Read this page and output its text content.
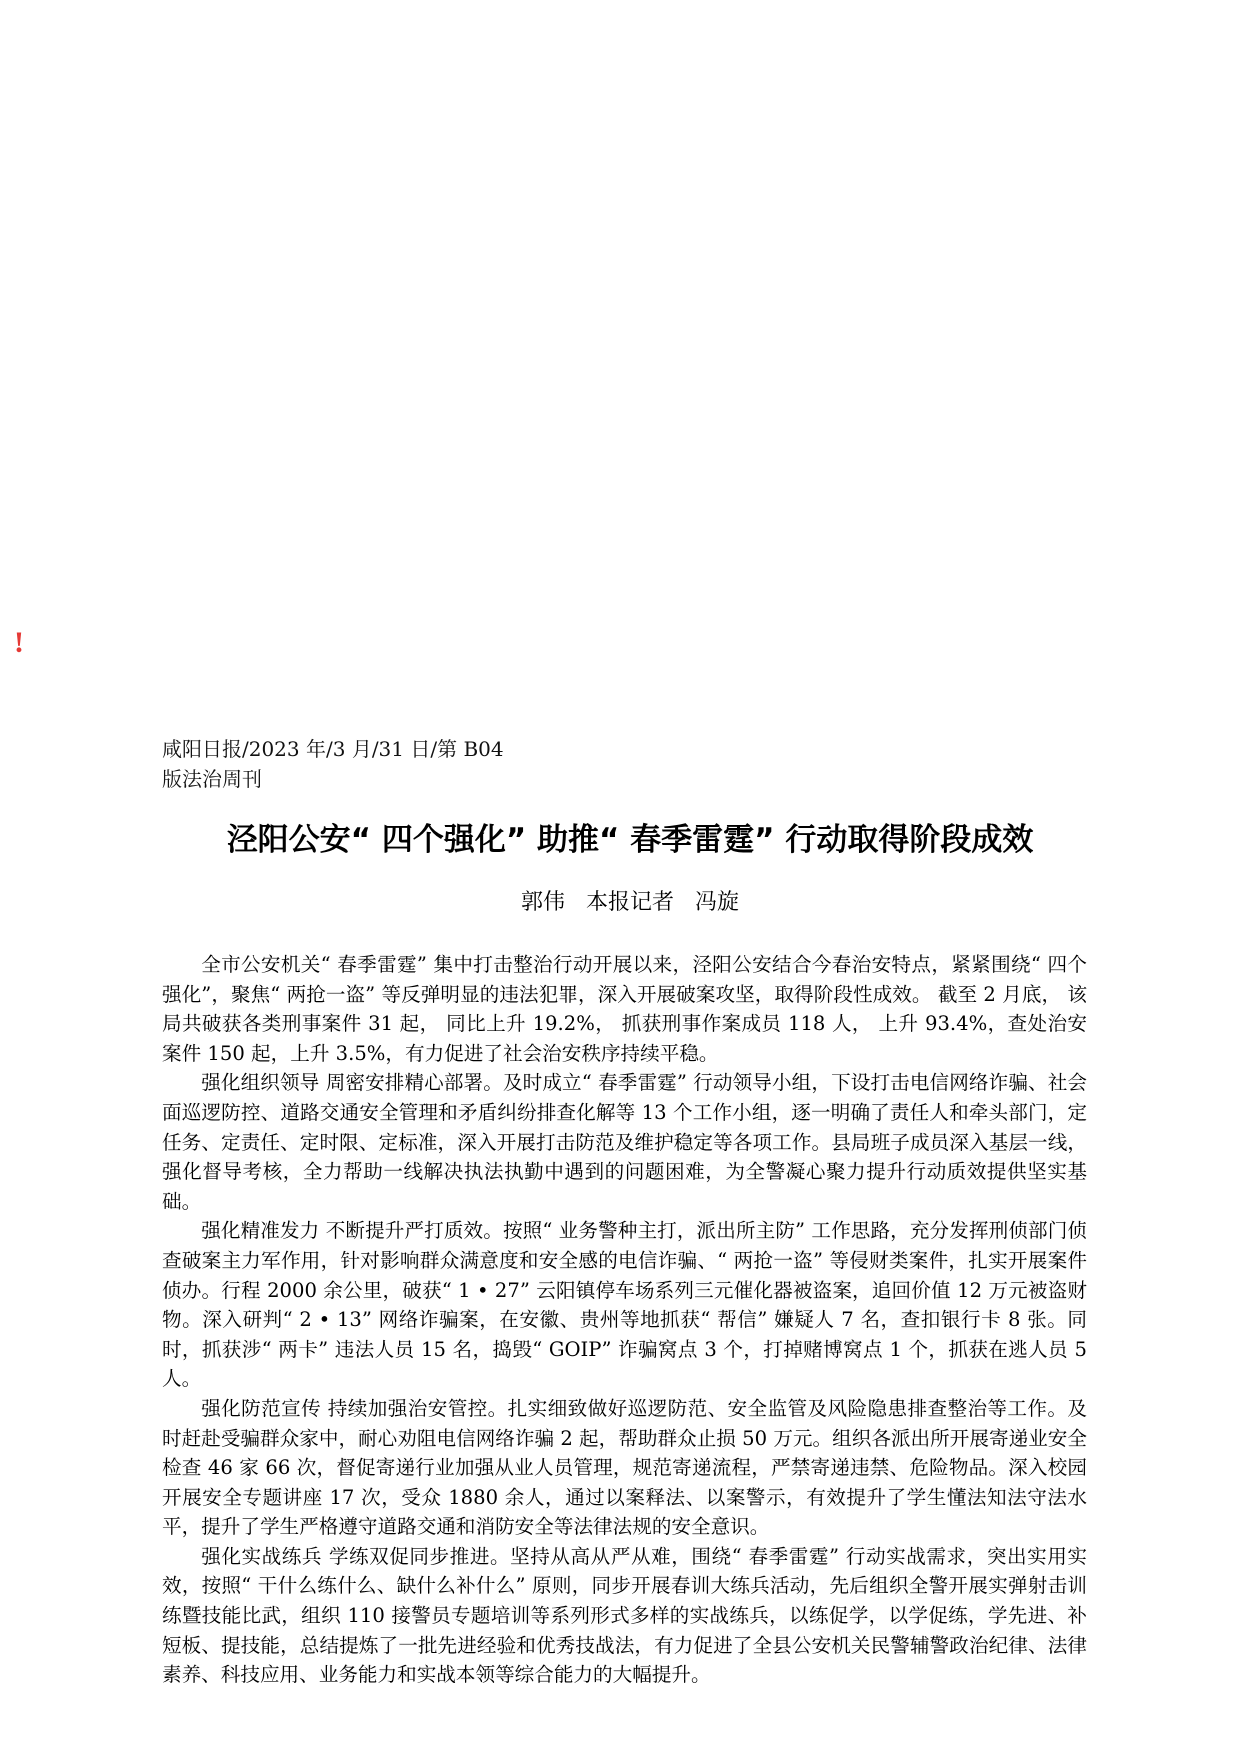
!
咸阳日报/2023 年/3 月/31 日/第 B04
版法治周刊
泾阳公安“ 四个强化” 助推“ 春季雷霆” 行动取得阶段成效
郭伟   本报记者   冯旋

全市公安机关“ 春季雷霆” 集中打击整治行动开展以来，泾阳公安结合今春治安特点，紧紧围绕“ 四个强化”，聚焦“ 两抢一盗” 等反弹明显的违法犯罪，深入开展破案攻坚，取得阶段性成效。 截至 2 月底， 该局共破获各类刑事案件 31 起， 同比上升 19.2%， 抓获刑事作案成员 118 人， 上升 93.4%，查处治安案件 150 起，上升 3.5%，有力促进了社会治安秩序持续平稳。

强化组织领导 周密安排精心部署。及时成立“ 春季雷霆” 行动领导小组，下设打击电信网络诈骗、社会面巡逻防控、道路交通安全管理和矛盾纠纷排查化解等 13 个工作小组，逐一明确了责任人和牵头部门，定任务、定责任、定时限、定标准，深入开展打击防范及维护稳定等各项工作。县局班子成员深入基层一线，强化督导考核，全力帮助一线解决执法执勤中遇到的问题困难，为全警凝心聚力提升行动质效提供坚实基础。

强化精准发力 不断提升严打质效。按照“ 业务警种主打，派出所主防” 工作思路，充分发挥刑侦部门侦查破案主力军作用，针对影响群众满意度和安全感的电信诈骗、“ 两抢一盗” 等侵财类案件，扎实开展案件侦办。行程 2000 余公里，破获“ 1 • 27” 云阳镇停车场系列三元催化器被盗案，追回价值 12 万元被盗财物。深入研判“ 2 • 13” 网络诈骗案，在安徽、贵州等地抓获“ 帮信” 嫌疑人 7 名，查扣银行卡 8 张。同时，抓获涉“ 两卡” 违法人员 15 名，捣毁“ GOIP” 诈骗窝点 3 个，打掉赌博窝点 1 个，抓获在逃人员 5 人。

强化防范宣传 持续加强治安管控。扎实细致做好巡逻防范、安全监管及风险隐患排查整治等工作。及时赶赴受骗群众家中，耐心劝阻电信网络诈骗 2 起，帮助群众止损 50 万元。组织各派出所开展寄递业安全检查 46 家 66 次，督促寄递行业加强从业人员管理，规范寄递流程，严禁寄递违禁、危险物品。深入校园开展安全专题讲座 17 次，受众 1880 余人，通过以案释法、以案警示，有效提升了学生懂法知法守法水平，提升了学生严格遵守道路交通和消防安全等法律法规的安全意识。

强化实战练兵 学练双促同步推进。坚持从高从严从难，围绕“ 春季雷霆” 行动实战需求，突出实用实效，按照“ 干什么练什么、缺什么补什么” 原则，同步开展春训大练兵活动，先后组织全警开展实弹射击训练暨技能比武，组织 110 接警员专题培训等系列形式多样的实战练兵，以练促学，以学促练，学先进、补短板、提技能，总结提炼了一批先进经验和优秀技战法，有力促进了全县公安机关民警辅警政治纪律、法律素养、科技应用、业务能力和实战本领等综合能力的大幅提升。
